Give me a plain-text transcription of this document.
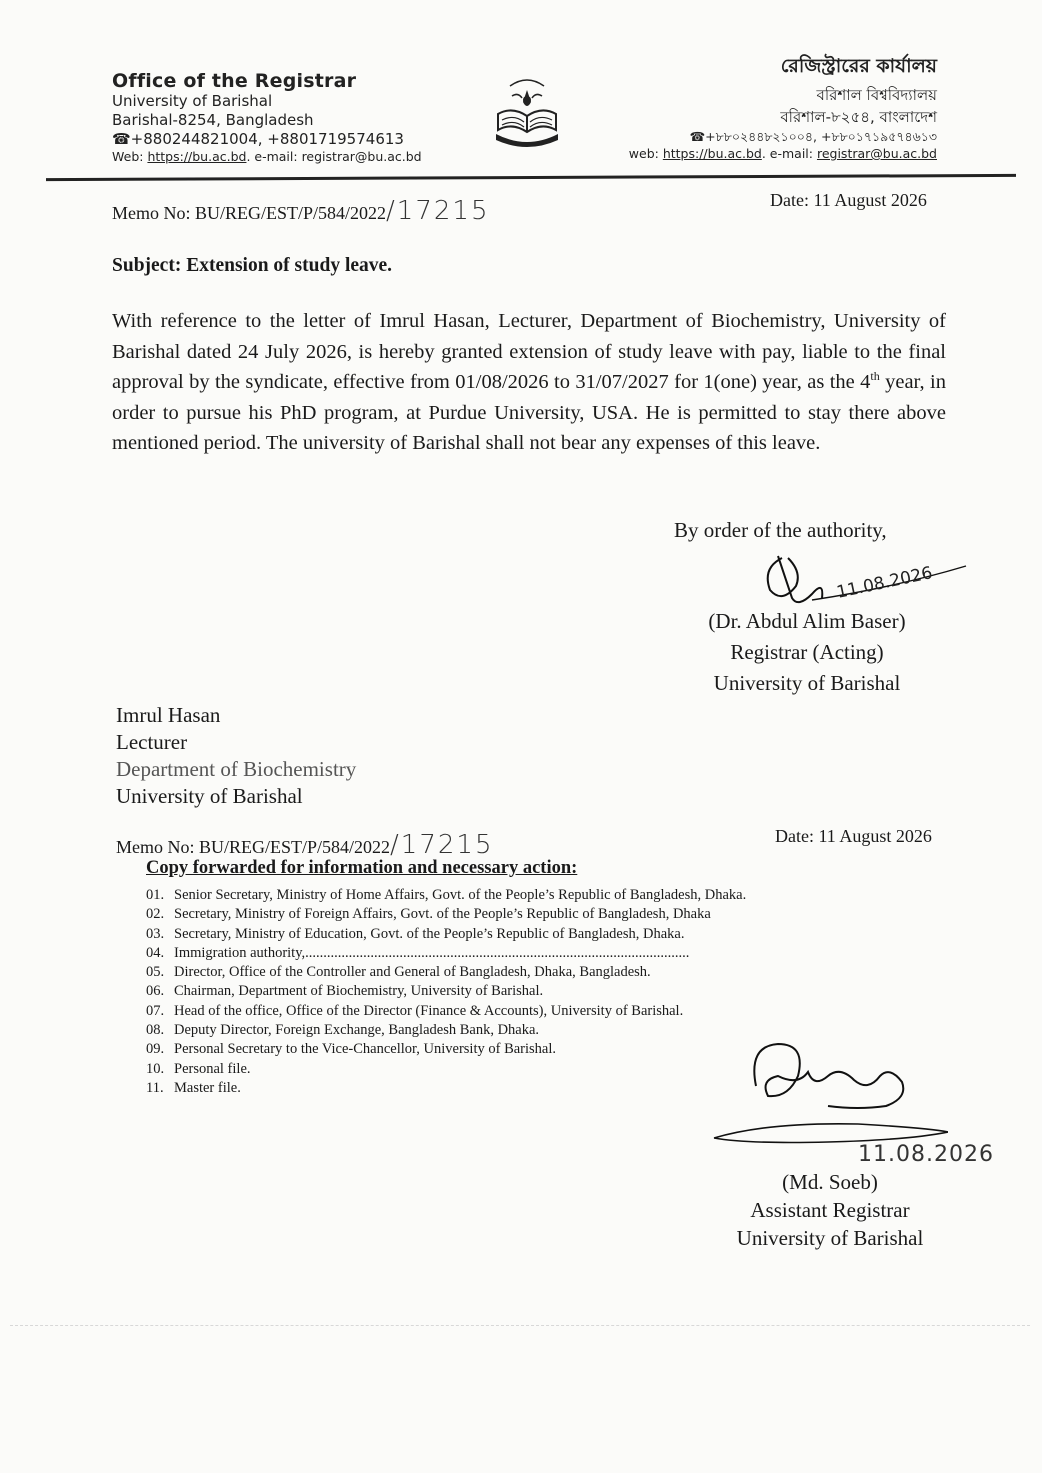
Office of the Registrar
University of Barishal
Barishal-8254, Bangladesh
☎+880244821004, +8801719574613
Web: https://bu.ac.bd. e-mail: registrar@bu.ac.bd
রেজিস্ট্রারের কার্যালয়
বরিশাল বিশ্ববিদ্যালয়
বরিশাল-৮২৫৪, বাংলাদেশ
☎+৮৮০২৪৪৮২১০০৪, +৮৮০১৭১৯৫৭৪৬১৩
web: https://bu.ac.bd. e-mail: registrar@bu.ac.bd
Memo No: BU/REG/EST/P/584/2022/17215	Date: 11 August 2026
Subject: Extension of study leave.
With reference to the letter of Imrul Hasan, Lecturer, Department of Biochemistry, University of Barishal dated 24 July 2026, is hereby granted extension of study leave with pay, liable to the final approval by the syndicate, effective from 01/08/2026 to 31/07/2027 for 1(one) year, as the 4th year, in order to pursue his PhD program, at Purdue University, USA. He is permitted to stay there above mentioned period. The university of Barishal shall not bear any expenses of this leave.
By order of the authority,
11.08.2026
(Dr. Abdul Alim Baser)
Registrar (Acting)
University of Barishal
Imrul Hasan
Lecturer
Department of Biochemistry
University of Barishal
Memo No: BU/REG/EST/P/584/2022/17215	Date: 11 August 2026
Copy forwarded for information and necessary action:
01. Senior Secretary, Ministry of Home Affairs, Govt. of the People’s Republic of Bangladesh, Dhaka.
02. Secretary, Ministry of Foreign Affairs, Govt. of the People’s Republic of Bangladesh, Dhaka
03. Secretary, Ministry of Education, Govt. of the People’s Republic of Bangladesh, Dhaka.
04. Immigration authority,..........................................................................................................
05. Director, Office of the Controller and General of Bangladesh, Dhaka, Bangladesh.
06. Chairman, Department of Biochemistry, University of Barishal.
07. Head of the office, Office of the Director (Finance & Accounts), University of Barishal.
08. Deputy Director, Foreign Exchange, Bangladesh Bank, Dhaka.
09. Personal Secretary to the Vice-Chancellor, University of Barishal.
10. Personal file.
11. Master file.
11.08.2026
(Md. Soeb)
Assistant Registrar
University of Barishal
